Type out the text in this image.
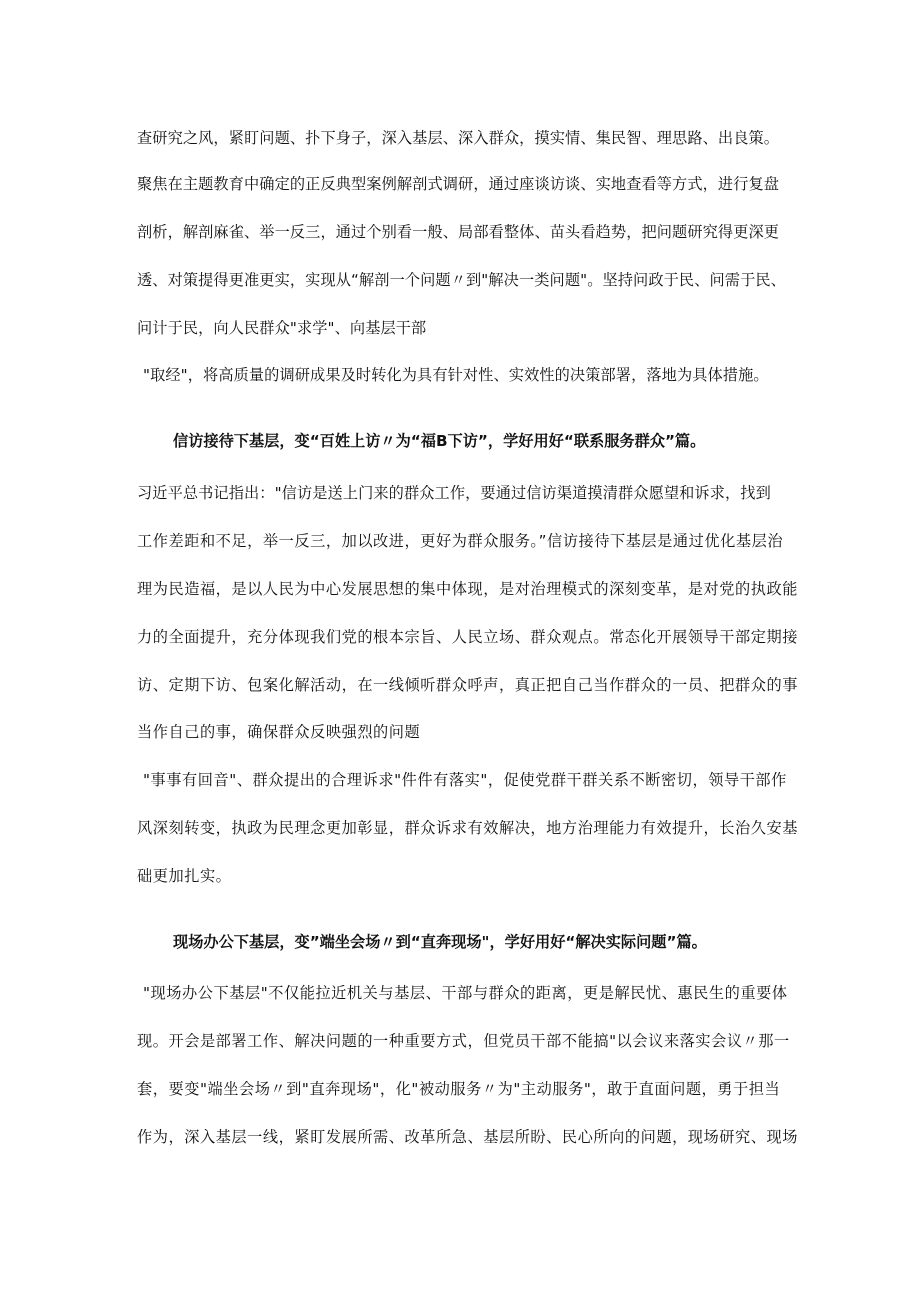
查研究之风，紧盯问题、扑下身子，深入基层、深入群众，摸实情、集民智、理思路、出良策。
聚焦在主题教育中确定的正反典型案例解剖式调研，通过座谈访谈、实地查看等方式，进行复盘
剖析，解剖麻雀、举一反三，通过个别看一般、局部看整体、苗头看趋势，把问题研究得更深更
透、对策提得更准更实，实现从“解剖一个问题〃到"解决一类问题"。坚持问政于民、问需于民、
问计于民，向人民群众"求学"、向基层干部
"取经"，将高质量的调研成果及时转化为具有针对性、实效性的决策部署，落地为具体措施。
信访接待下基层，变“百姓上访〃为“福B下访”，学好用好“联系服务群众”篇。
习近平总书记指出："信访是送上门来的群众工作，要通过信访渠道摸清群众愿望和诉求，找到
工作差距和不足，举一反三，加以改进，更好为群众服务。”信访接待下基层是通过优化基层治
理为民造福，是以人民为中心发展思想的集中体现，是对治理模式的深刻变革，是对党的执政能
力的全面提升，充分体现我们党的根本宗旨、人民立场、群众观点。常态化开展领导干部定期接
访、定期下访、包案化解活动，在一线倾听群众呼声，真正把自己当作群众的一员、把群众的事
当作自己的事，确保群众反映强烈的问题
"事事有回音"、群众提出的合理诉求"件件有落实"，促使党群干群关系不断密切，领导干部作
风深刻转变，执政为民理念更加彰显，群众诉求有效解决，地方治理能力有效提升，长治久安基
础更加扎实。
现场办公下基层，变”端坐会场〃到“直奔现场"，学好用好“解决实际问题”篇。
"现场办公下基层"不仅能拉近机关与基层、干部与群众的距离，更是解民忧、惠民生的重要体
现。开会是部署工作、解决问题的一种重要方式，但党员干部不能搞"以会议来落实会议〃那一
套，要变"端坐会场〃到"直奔现场"，化"被动服务〃为"主动服务"，敢于直面问题，勇于担当
作为，深入基层一线，紧盯发展所需、改革所急、基层所盼、民心所向的问题，现场研究、现场
